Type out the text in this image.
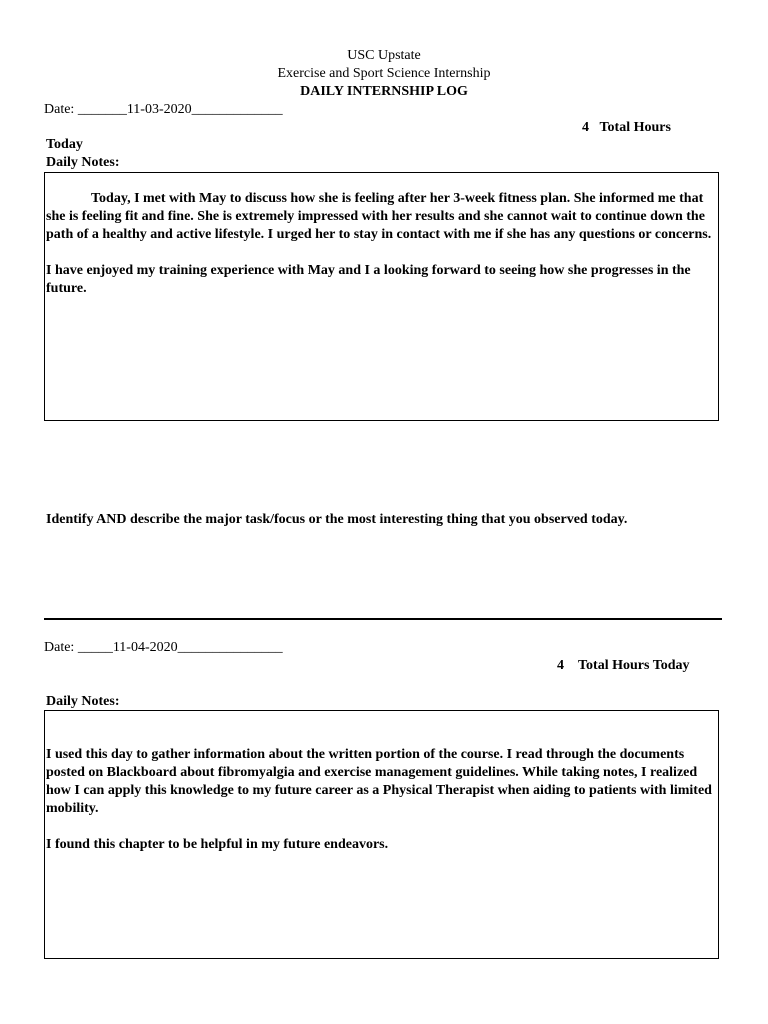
USC Upstate
Exercise and Sport Science Internship
DAILY INTERNSHIP LOG
Date: _______11-03-2020_____________
4 Total Hours
Today
Daily Notes:

Today, I met with May to discuss how she is feeling after her 3-week fitness plan. She informed me that she is feeling fit and fine. She is extremely impressed with her results and she cannot wait to continue down the path of a healthy and active lifestyle. I urged her to stay in contact with me if she has any questions or concerns.

I have enjoyed my training experience with May and I a looking forward to seeing how she progresses in the future.

Identify AND describe the major task/focus or the most interesting thing that you observed today.
Date: _____11-04-2020_______________
4 Total Hours Today
Daily Notes:

I used this day to gather information about the written portion of the course. I read through the documents posted on Blackboard about fibromyalgia and exercise management guidelines. While taking notes, I realized how I can apply this knowledge to my future career as a Physical Therapist when aiding to patients with limited mobility.

I found this chapter to be helpful in my future endeavors.
